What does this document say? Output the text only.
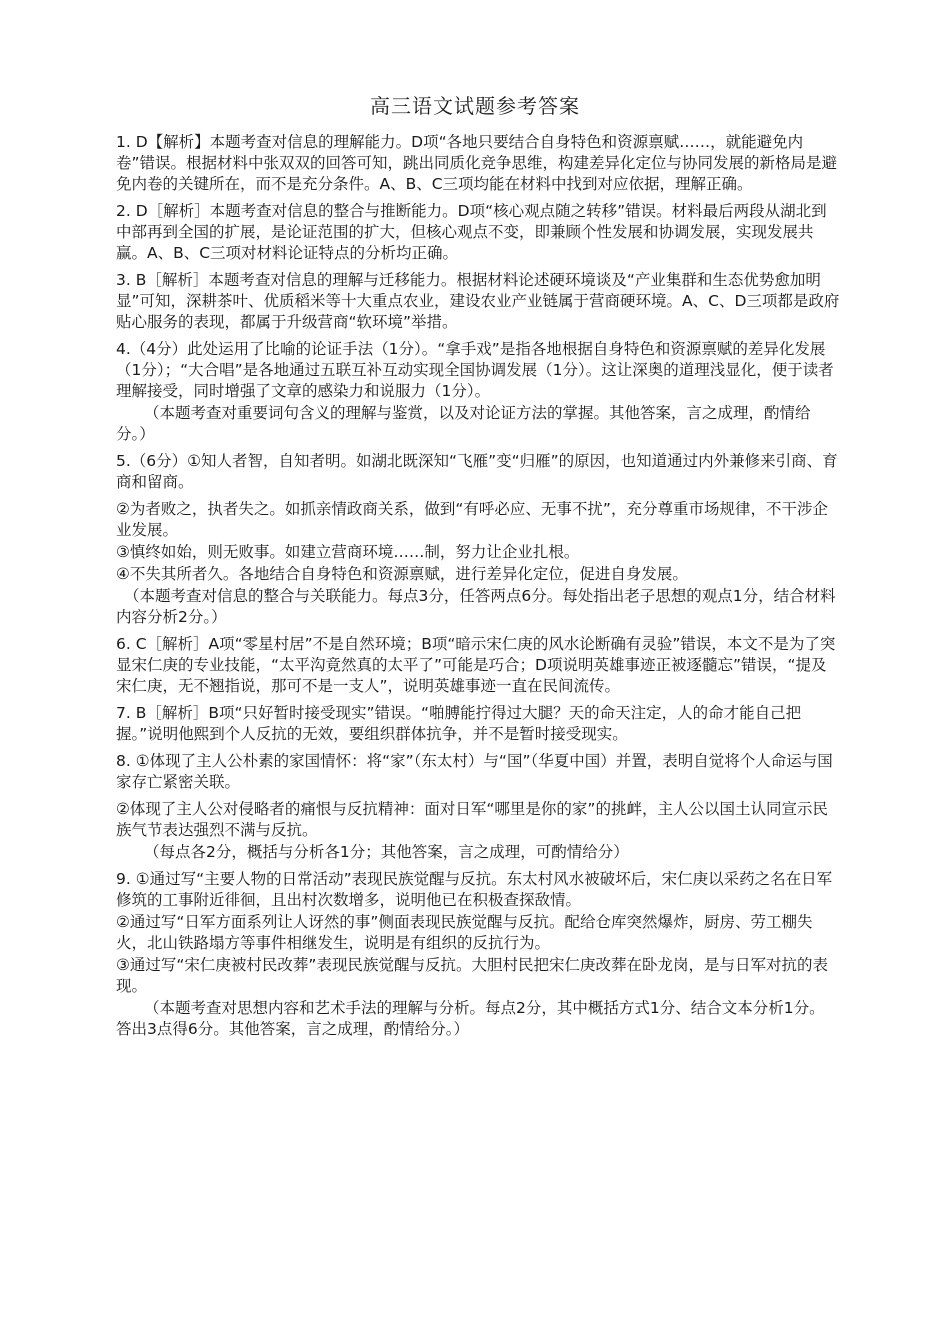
高三语文试题参考答案

1. D【解析】本题考查对信息的理解能力。D项“各地只要结合自身特色和资源禀赋……，就能避免内卷”错误。根据材料中张双双的回答可知，跳出同质化竞争思维，构建差异化定位与协同发展的新格局是避免内卷的关键所在，而不是充分条件。A、B、C三项均能在材料中找到对应依据，理解正确。

2. D［解析］本题考查对信息的整合与推断能力。D项“核心观点随之转移”错误。材料最后两段从湖北到中部再到全国的扩展，是论证范围的扩大，但核心观点不变，即兼顾个性发展和协调发展，实现发展共赢。A、B、C三项对材料论证特点的分析均正确。

3. B［解析］本题考查对信息的理解与迁移能力。根据材料论述硬环境谈及“产业集群和生态优势愈加明显”可知，深耕茶叶、优质稻米等十大重点农业，建设农业产业链属于营商硬环境。A、C、D三项都是政府贴心服务的表现，都属于升级营商“软环境”举措。

4.（4分）此处运用了比喻的论证手法（1分）。“拿手戏”是指各地根据自身特色和资源禀赋的差异化发展（1分）；“大合唱”是各地通过五联互补互动实现全国协调发展（1分）。这让深奥的道理浅显化，便于读者理解接受，同时增强了文章的感染力和说服力（1分）。

（本题考查对重要词句含义的理解与鉴赏，以及对论证方法的掌握。其他答案，言之成理，酌情给分。）

5.（6分）①知人者智，自知者明。如湖北既深知“飞雁”变“归雁”的原因，也知道通过内外兼修来引商、育商和留商。

②为者败之，执者失之。如抓亲情政商关系，做到“有呼必应、无事不扰”，充分尊重市场规律，不干涉企业发展。

③慎终如始，则无败事。如建立营商环境……制，努力让企业扎根。

④不失其所者久。各地结合自身特色和资源禀赋，进行差异化定位，促进自身发展。

（本题考查对信息的整合与关联能力。每点3分，任答两点6分。每处指出老子思想的观点1分，结合材料内容分析2分。）

6. C［解析］A项“零星村居”不是自然环境；B项“暗示宋仁庚的风水论断确有灵验”错误，本文不是为了突显宋仁庚的专业技能，“太平沟竟然真的太平了”可能是巧合；D项说明英雄事迹正被逐髓忘”错误，“提及宋仁庚，无不翘指说，那可不是一支人”，说明英雄事迹一直在民间流传。

7. B［解析］B项“只好暂时接受现实”错误。“啪膊能拧得过大腿？天的命天注定，人的命才能自己把握。”说明他熙到个人反抗的无效，要组织群体抗争，并不是暂时接受现实。

8. ①体现了主人公朴素的家国情怀：将“家”（东太村）与“国”（华夏中国）并置，表明自觉将个人命运与国家存亡紧密关联。

②体现了主人公对侵略者的痛恨与反抗精神：面对日军“哪里是你的家”的挑衅，主人公以国土认同宣示民族气节表达强烈不满与反抗。

（每点各2分，概括与分析各1分；其他答案，言之成理，可酌情给分）

9. ①通过写“主要人物的日常活动”表现民族觉醒与反抗。东太村风水被破坏后，宋仁庚以采药之名在日军修筑的工事附近徘徊，且出村次数增多，说明他已在积极查探敌情。

②通过写“日军方面系列让人讶然的事”侧面表现民族觉醒与反抗。配给仓库突然爆炸，厨房、劳工棚失火，北山铁路塌方等事件相继发生，说明是有组织的反抗行为。

③通过写“宋仁庚被村民改葬”表现民族觉醒与反抗。大胆村民把宋仁庚改葬在卧龙岗，是与日军对抗的表现。

（本题考查对思想内容和艺术手法的理解与分析。每点2分，其中概括方式1分、结合文本分析1分。答出3点得6分。其他答案，言之成理，酌情给分。）
